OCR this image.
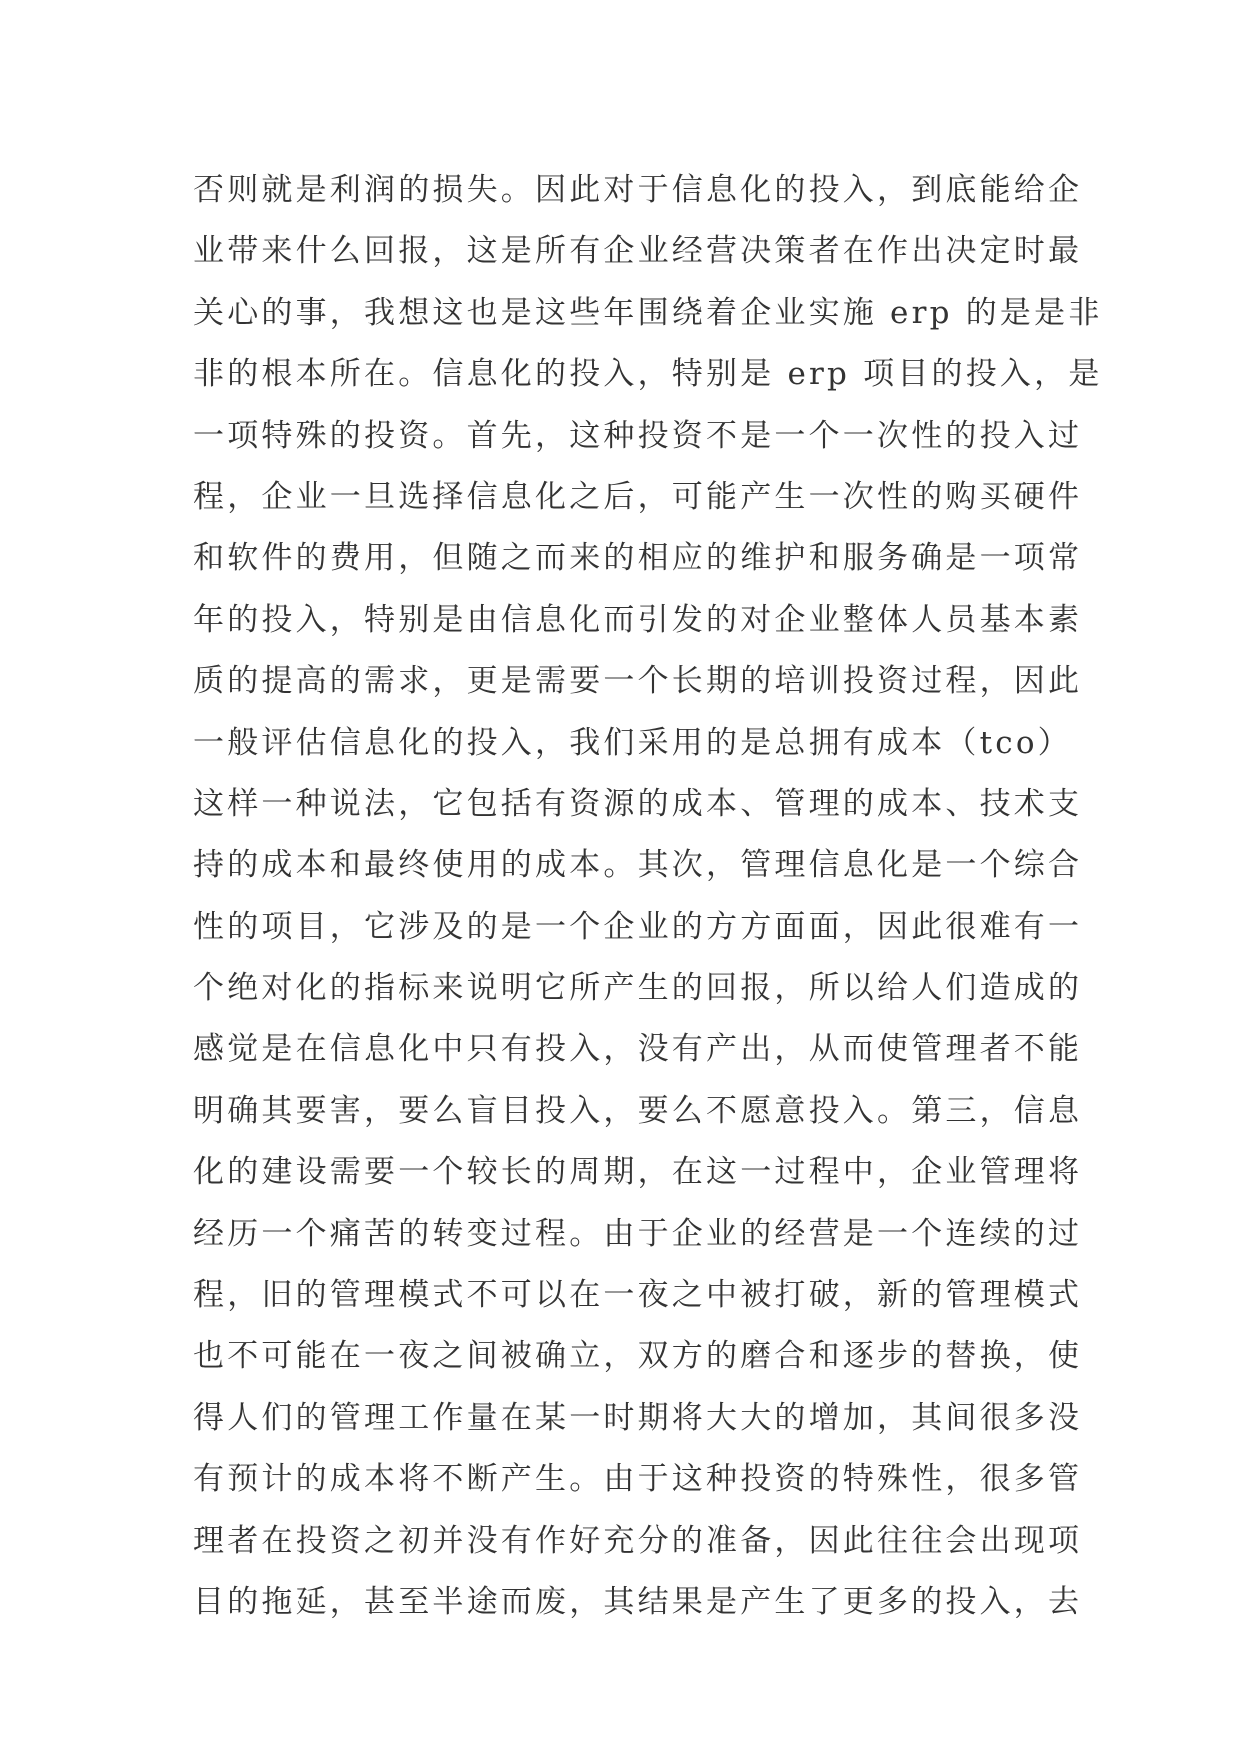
否则就是利润的损失。因此对于信息化的投入，到底能给企
业带来什么回报，这是所有企业经营决策者在作出决定时最
关心的事，我想这也是这些年围绕着企业实施 erp 的是是非
非的根本所在。信息化的投入，特别是 erp 项目的投入，是
一项特殊的投资。首先，这种投资不是一个一次性的投入过
程，企业一旦选择信息化之后，可能产生一次性的购买硬件
和软件的费用，但随之而来的相应的维护和服务确是一项常
年的投入，特别是由信息化而引发的对企业整体人员基本素
质的提高的需求，更是需要一个长期的培训投资过程，因此
一般评估信息化的投入，我们采用的是总拥有成本（tco）
这样一种说法，它包括有资源的成本、管理的成本、技术支
持的成本和最终使用的成本。其次，管理信息化是一个综合
性的项目，它涉及的是一个企业的方方面面，因此很难有一
个绝对化的指标来说明它所产生的回报，所以给人们造成的
感觉是在信息化中只有投入，没有产出，从而使管理者不能
明确其要害，要么盲目投入，要么不愿意投入。第三，信息
化的建设需要一个较长的周期，在这一过程中，企业管理将
经历一个痛苦的转变过程。由于企业的经营是一个连续的过
程，旧的管理模式不可以在一夜之中被打破，新的管理模式
也不可能在一夜之间被确立，双方的磨合和逐步的替换，使
得人们的管理工作量在某一时期将大大的增加，其间很多没
有预计的成本将不断产生。由于这种投资的特殊性，很多管
理者在投资之初并没有作好充分的准备，因此往往会出现项
目的拖延，甚至半途而废，其结果是产生了更多的投入，去
